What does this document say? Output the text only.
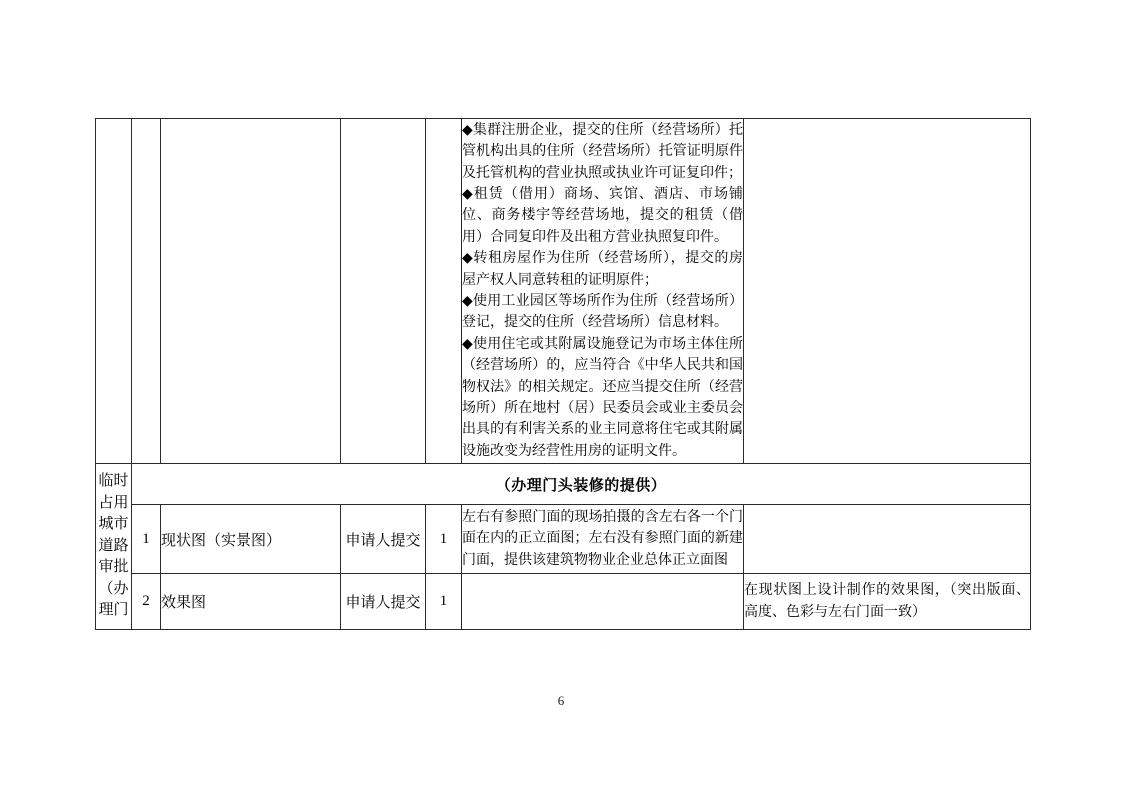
					◆集群注册企业，提交的住所（经营场所）托管机构出具的住所（经营场所）托管证明原件及托管机构的营业执照或执业许可证复印件；

◆租赁（借用）商场、宾馆、酒店、市场铺位、商务楼宇等经营场地，提交的租赁（借用）合同复印件及出租方营业执照复印件。

◆转租房屋作为住所（经营场所），提交的房屋产权人同意转租的证明原件；

◆使用工业园区等场所作为住所（经营场所）登记，提交的住所（经营场所）信息材料。

◆使用住宅或其附属设施登记为市场主体住所（经营场所）的，应当符合《中华人民共和国物权法》的相关规定。还应当提交住所（经营场所）所在地村（居）民委员会或业主委员会出具的有利害关系的业主同意将住宅或其附属设施改变为经营性用房的证明文件。	

临时占用城市道路审批（办理门	（办理门头装修的提供）					
	1	现状图（实景图）	申请人提交	1	左右有参照门面的现场拍摄的含左右各一个门面在内的正立面图；左右没有参照门面的新建门面，提供该建筑物物业企业总体正立面图	

	2	效果图	申请人提交	1		在现状图上设计制作的效果图，（突出版面、高度、色彩与左右门面一致）

6
